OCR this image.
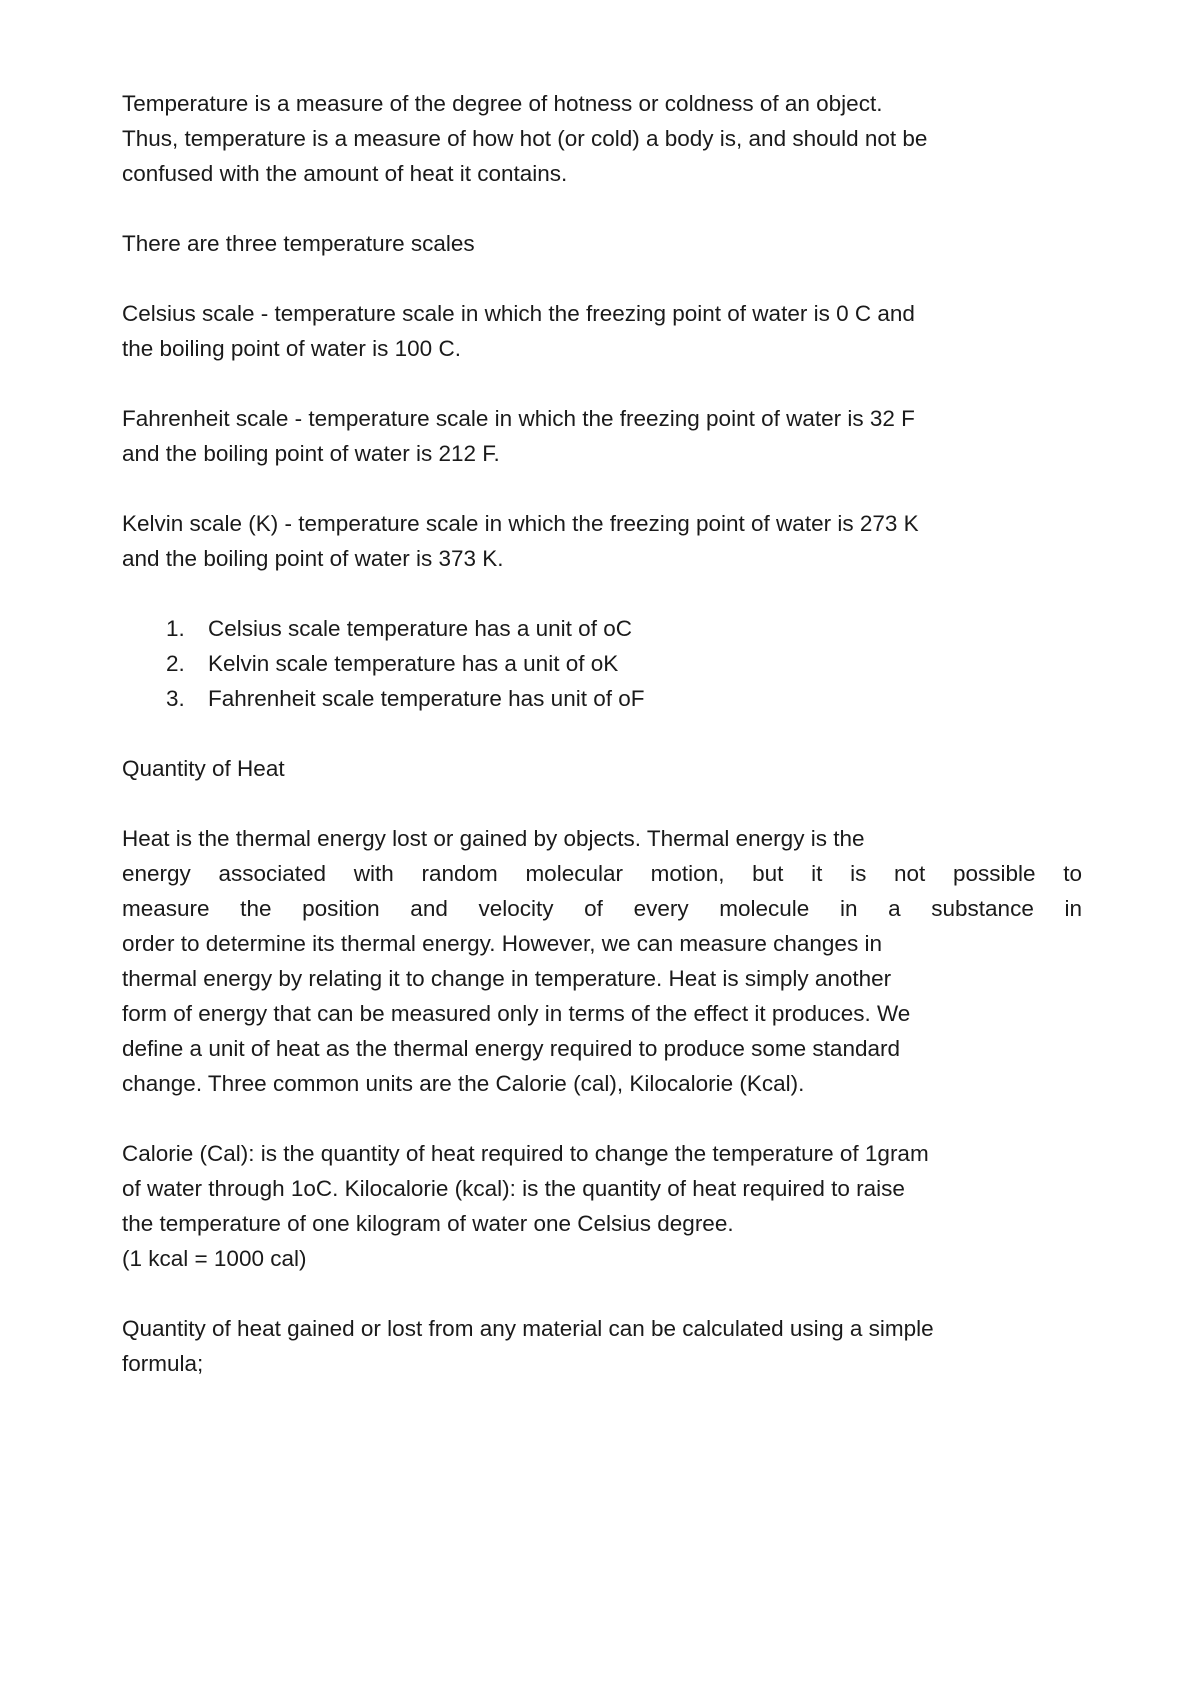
Temperature is a measure of the degree of hotness or coldness of an object.
Thus, temperature is a measure of how hot (or cold) a body is, and should not be
confused with the amount of heat it contains.

There are three temperature scales

Celsius scale - temperature scale in which the freezing point of water is 0 C and
the boiling point of water is 100 C.

Fahrenheit scale - temperature scale in which the freezing point of water is 32 F
and the boiling point of water is 212 F.

Kelvin scale (K) - temperature scale in which the freezing point of water is 273 K
and the boiling point of water is 373 K.

1.	Celsius scale temperature has a unit of oC
2.	Kelvin scale temperature has a unit of oK
3.	Fahrenheit scale temperature has unit of oF

Quantity of Heat

Heat is the thermal energy lost or gained by objects. Thermal energy is the
energy associated with random molecular motion, but it is not possible to
measure the position and velocity of every molecule in a substance in
order to determine its thermal energy. However, we can measure changes in
thermal energy by relating it to change in temperature. Heat is simply another
form of energy that can be measured only in terms of the effect it produces. We
define a unit of heat as the thermal energy required to produce some standard
change. Three common units are the Calorie (cal), Kilocalorie (Kcal).

Calorie (Cal): is the quantity of heat required to change the temperature of 1gram
of water through 1oC. Kilocalorie (kcal): is the quantity of heat required to raise
the temperature of one kilogram of water one Celsius degree.
(1 kcal = 1000 cal)

Quantity of heat gained or lost from any material can be calculated using a simple
formula;
